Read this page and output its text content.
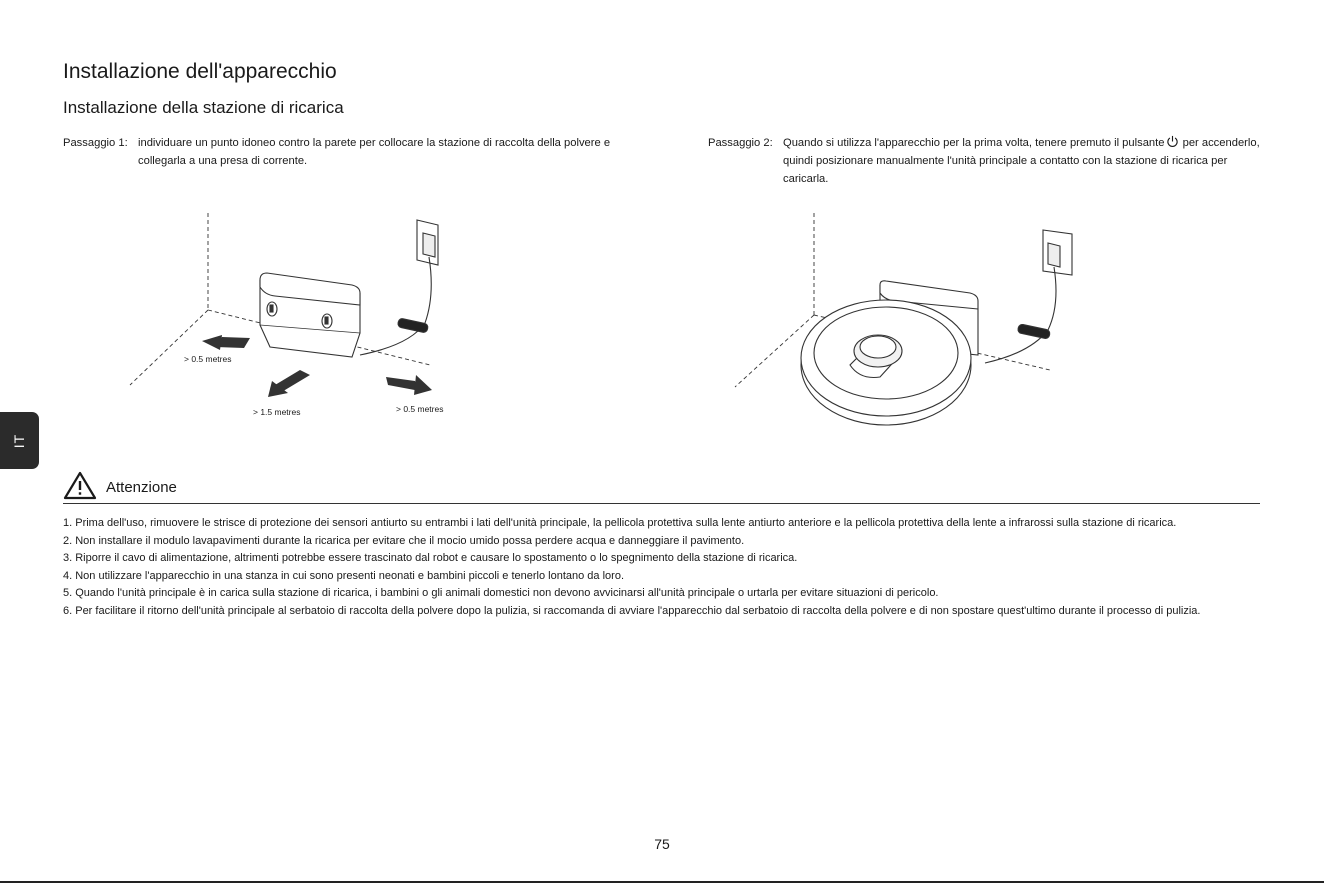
Installazione dell'apparecchio
Installazione della stazione di ricarica
Passaggio 1: individuare un punto idoneo contro la parete per collocare la stazione di raccolta della polvere e collegarla a una presa di corrente.
Passaggio 2: Quando si utilizza l'apparecchio per la prima volta, tenere premuto il pulsante per accenderlo, quindi posizionare manualmente l'unità principale a contatto con la stazione di ricarica per caricarla.
> 0.5 metres
> 1.5 metres	> 0.5 metres
IT
Attenzione
1. Prima dell'uso, rimuovere le strisce di protezione dei sensori antiurto su entrambi i lati dell'unità principale, la pellicola protettiva sulla lente antiurto anteriore e la pellicola protettiva della lente a infrarossi sulla stazione di ricarica.
2. Non installare il modulo lavapavimenti durante la ricarica per evitare che il mocio umido possa perdere acqua e danneggiare il pavimento.
3. Riporre il cavo di alimentazione, altrimenti potrebbe essere trascinato dal robot e causare lo spostamento o lo spegnimento della stazione di ricarica.
4. Non utilizzare l'apparecchio in una stanza in cui sono presenti neonati e bambini piccoli e tenerlo lontano da loro.
5. Quando l'unità principale è in carica sulla stazione di ricarica, i bambini o gli animali domestici non devono avvicinarsi all'unità principale o urtarla per evitare situazioni di pericolo.
6. Per facilitare il ritorno dell'unità principale al serbatoio di raccolta della polvere dopo la pulizia, si raccomanda di avviare l'apparecchio dal serbatoio di raccolta della polvere e di non spostare quest'ultimo durante il processo di pulizia.
75
